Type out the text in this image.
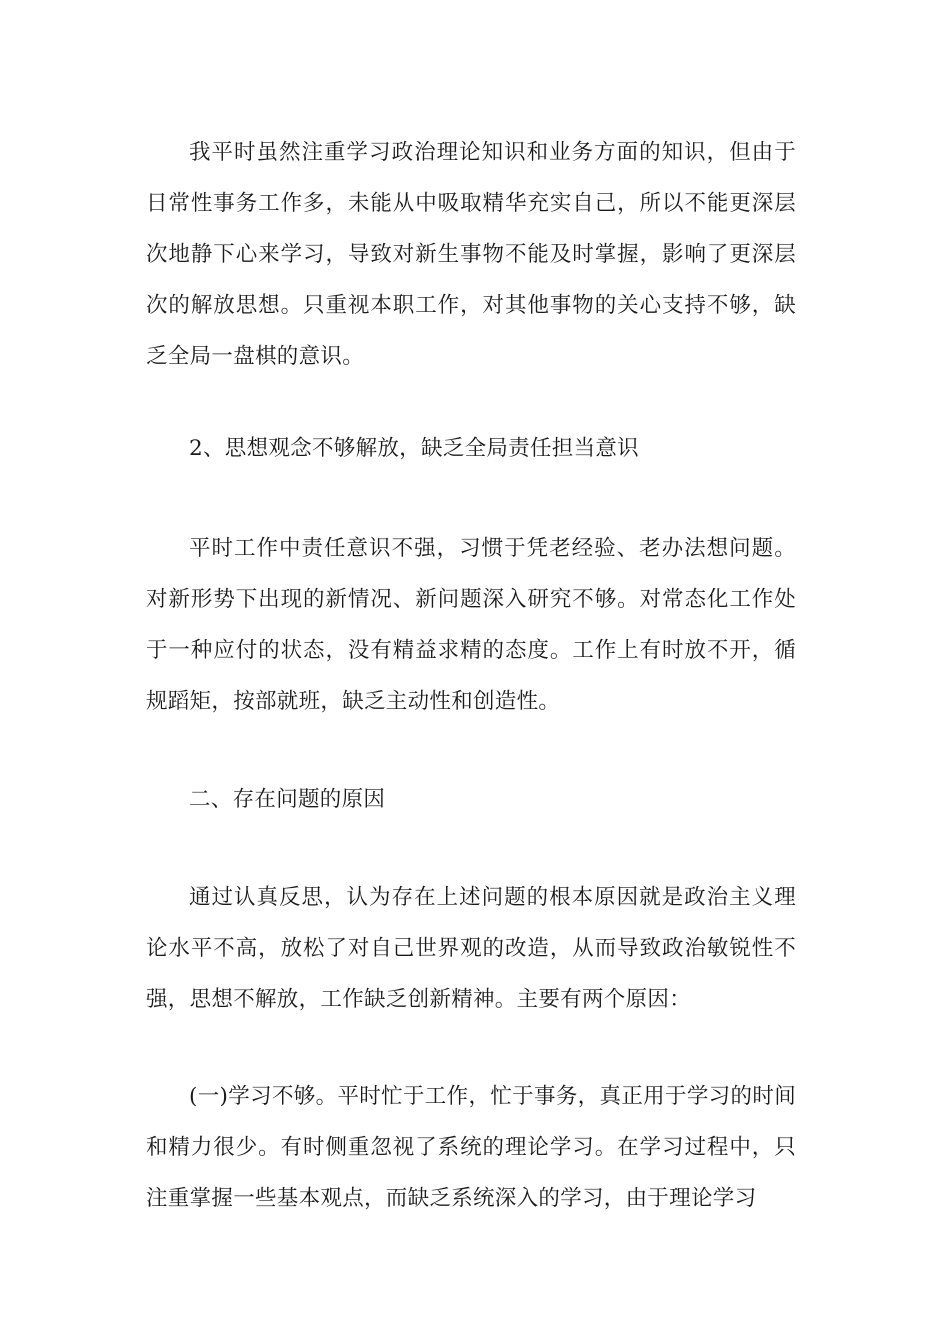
我平时虽然注重学习政治理论知识和业务方面的知识，但由于日常性事务工作多，未能从中吸取精华充实自己，所以不能更深层次地静下心来学习，导致对新生事物不能及时掌握，影响了更深层次的解放思想。只重视本职工作，对其他事物的关心支持不够，缺乏全局一盘棋的意识。

2、思想观念不够解放，缺乏全局责任担当意识

平时工作中责任意识不强，习惯于凭老经验、老办法想问题。对新形势下出现的新情况、新问题深入研究不够。对常态化工作处于一种应付的状态，没有精益求精的态度。工作上有时放不开，循规蹈矩，按部就班，缺乏主动性和创造性。

二、存在问题的原因

通过认真反思，认为存在上述问题的根本原因就是政治主义理论水平不高，放松了对自己世界观的改造，从而导致政治敏锐性不强，思想不解放，工作缺乏创新精神。主要有两个原因：

(一)学习不够。平时忙于工作，忙于事务，真正用于学习的时间和精力很少。有时侧重忽视了系统的理论学习。在学习过程中，只注重掌握一些基本观点，而缺乏系统深入的学习，由于理论学习
